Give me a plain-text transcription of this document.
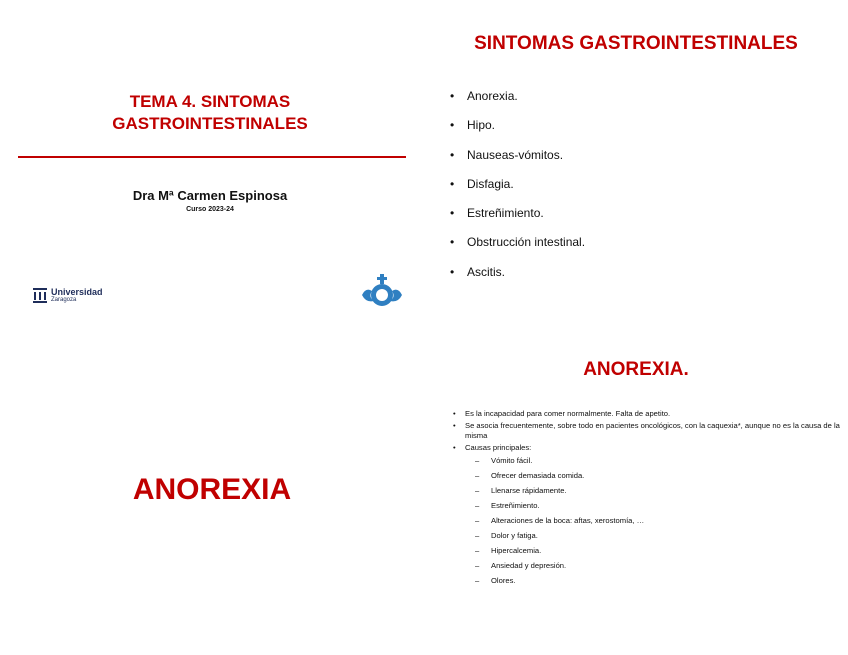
TEMA 4. SINTOMAS GASTROINTESTINALES
Dra Mª Carmen Espinosa
Curso 2023-24
Universidad
Zaragoza
SINTOMAS GASTROINTESTINALES
• Anorexia.
• Hipo.
• Nauseas-vómitos.
• Disfagia.
• Estreñimiento.
• Obstrucción intestinal.
• Ascitis.
ANOREXIA
ANOREXIA.
• Es la incapacidad para comer normalmente. Falta de apetito.
• Se asocia frecuentemente, sobre todo en pacientes oncológicos, con la caquexia*, aunque no es la causa de la misma
• Causas principales:
– Vómito fácil.
– Ofrecer demasiada comida.
– Llenarse rápidamente.
– Estreñimiento.
– Alteraciones de la boca: aftas, xerostomía, …
– Dolor y fatiga.
– Hipercalcemia.
– Ansiedad y depresión.
– Olores.
